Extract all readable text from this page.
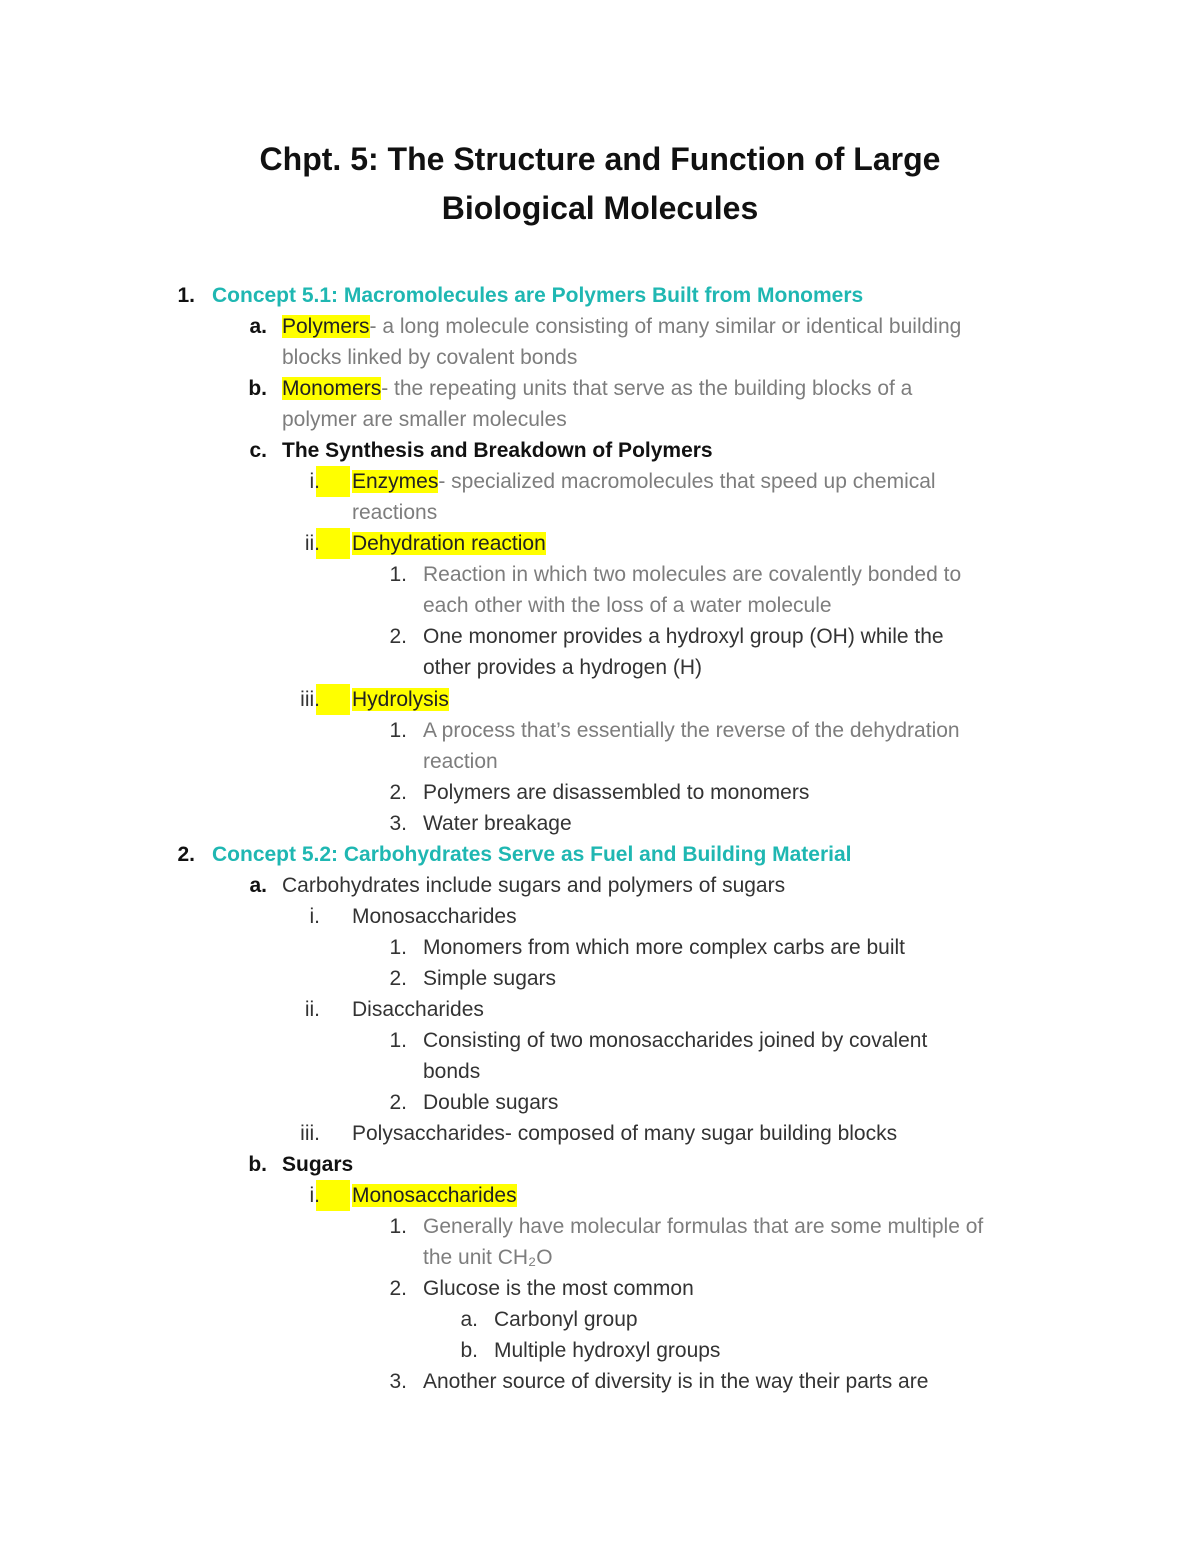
Chpt. 5: The Structure and Function of Large
Biological Molecules
1. Concept 5.1: Macromolecules are Polymers Built from Monomers
a. Polymers- a long molecule consisting of many similar or identical building
blocks linked by covalent bonds
b. Monomers- the repeating units that serve as the building blocks of a
polymer are smaller molecules
c. The Synthesis and Breakdown of Polymers
i. Enzymes- specialized macromolecules that speed up chemical
reactions
ii. Dehydration reaction
1. Reaction in which two molecules are covalently bonded to
each other with the loss of a water molecule
2. One monomer provides a hydroxyl group (OH) while the
other provides a hydrogen (H)
iii. Hydrolysis
1. A process that’s essentially the reverse of the dehydration
reaction
2. Polymers are disassembled to monomers
3. Water breakage
2. Concept 5.2: Carbohydrates Serve as Fuel and Building Material
a. Carbohydrates include sugars and polymers of sugars
i. Monosaccharides
1. Monomers from which more complex carbs are built
2. Simple sugars
ii. Disaccharides
1. Consisting of two monosaccharides joined by covalent
bonds
2. Double sugars
iii. Polysaccharides- composed of many sugar building blocks
b. Sugars
i. Monosaccharides
1. Generally have molecular formulas that are some multiple of
the unit CH₂O
2. Glucose is the most common
a. Carbonyl group
b. Multiple hydroxyl groups
3. Another source of diversity is in the way their parts are
